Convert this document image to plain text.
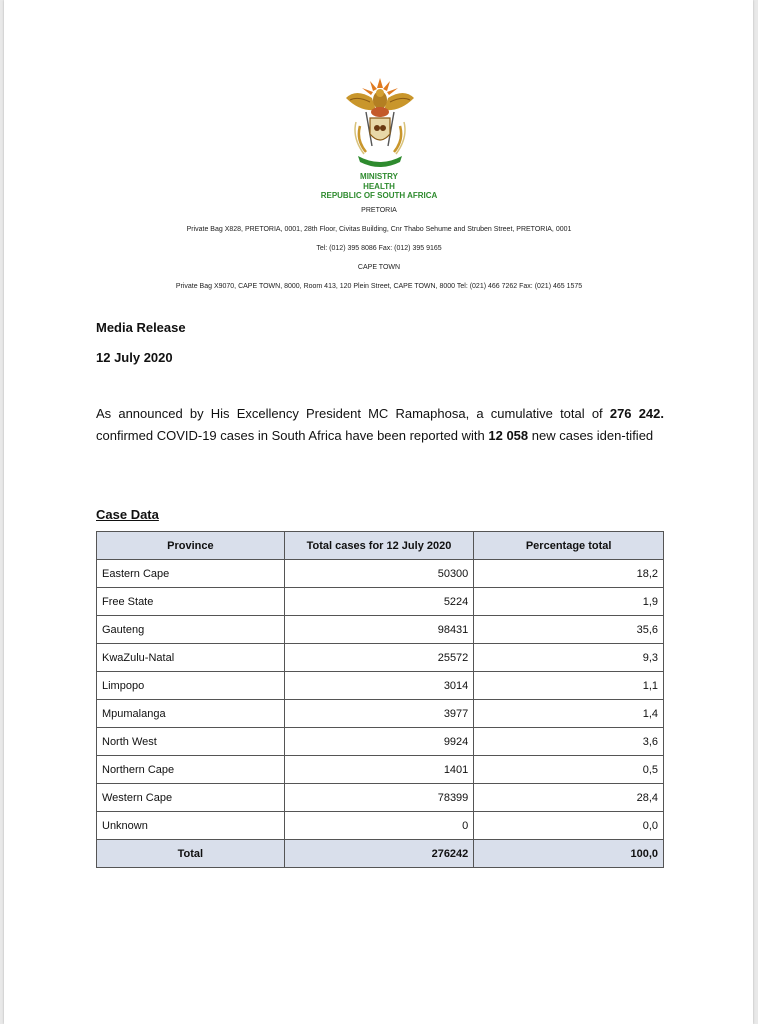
MINISTRY
HEALTH
REPUBLIC OF SOUTH AFRICA
PRETORIA
Private Bag X828, PRETORIA, 0001, 28th Floor, Civitas Building, Cnr Thabo Sehume and Struben Street, PRETORIA, 0001
Tel: (012) 395 8086 Fax: (012) 395 9165
CAPE TOWN
Private Bag X9070, CAPE TOWN, 8000, Room 413, 120 Plein Street, CAPE TOWN, 8000 Tel: (021) 466 7262 Fax: (021) 465 1575
Media Release
12 July 2020
As announced by His Excellency President MC Ramaphosa, a cumulative total of 276 242. confirmed COVID-19 cases in South Africa have been reported with 12 058 new cases iden-tified
Case Data
Province	Total cases for 12 July 2020	Percentage total
Eastern Cape	50300	18,2
Free State	5224	1,9
Gauteng	98431	35,6
KwaZulu-Natal	25572	9,3
Limpopo	3014	1,1
Mpumalanga	3977	1,4
North West	9924	3,6
Northern Cape	1401	0,5
Western Cape	78399	28,4
Unknown	0	0,0
Total	276242	100,0
